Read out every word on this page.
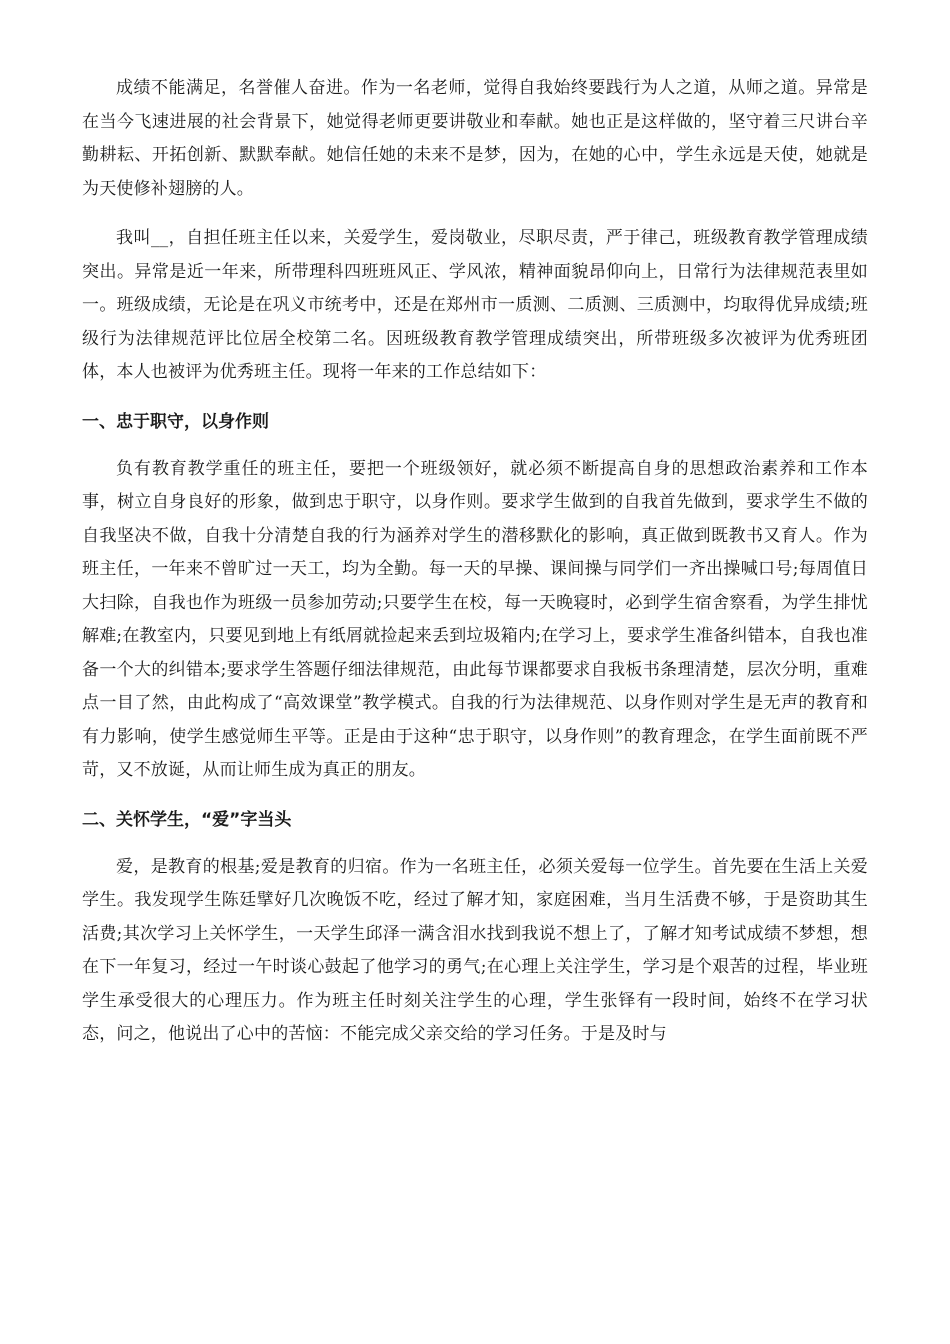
成绩不能满足，名誉催人奋进。作为一名老师，觉得自我始终要践行为人之道，从师之道。异常是在当今飞速进展的社会背景下，她觉得老师更要讲敬业和奉献。她也正是这样做的，坚守着三尺讲台辛勤耕耘、开拓创新、默默奉献。她信任她的未来不是梦，因为，在她的心中，学生永远是天使，她就是为天使修补翅膀的人。

我叫__，自担任班主任以来，关爱学生，爱岗敬业，尽职尽责，严于律己，班级教育教学管理成绩突出。异常是近一年来，所带理科四班班风正、学风浓，精神面貌昂仰向上，日常行为法律规范表里如一。班级成绩，无论是在巩义市统考中，还是在郑州市一质测、二质测、三质测中，均取得优异成绩;班级行为法律规范评比位居全校第二名。因班级教育教学管理成绩突出，所带班级多次被评为优秀班团体，本人也被评为优秀班主任。现将一年来的工作总结如下：

一、忠于职守，以身作则

负有教育教学重任的班主任，要把一个班级领好，就必须不断提高自身的思想政治素养和工作本事，树立自身良好的形象，做到忠于职守，以身作则。要求学生做到的自我首先做到，要求学生不做的自我坚决不做，自我十分清楚自我的行为涵养对学生的潜移默化的影响，真正做到既教书又育人。作为班主任，一年来不曾旷过一天工，均为全勤。每一天的早操、课间操与同学们一齐出操喊口号;每周值日大扫除，自我也作为班级一员参加劳动;只要学生在校，每一天晚寝时，必到学生宿舍察看，为学生排忧解难;在教室内，只要见到地上有纸屑就捡起来丢到垃圾箱内;在学习上，要求学生准备纠错本，自我也准备一个大的纠错本;要求学生答题仔细法律规范，由此每节课都要求自我板书条理清楚，层次分明，重难点一目了然，由此构成了“高效课堂”教学模式。自我的行为法律规范、以身作则对学生是无声的教育和有力影响，使学生感觉师生平等。正是由于这种“忠于职守，以身作则”的教育理念，在学生面前既不严苛，又不放诞，从而让师生成为真正的朋友。

二、关怀学生，“爱”字当头

爱，是教育的根基;爱是教育的归宿。作为一名班主任，必须关爱每一位学生。首先要在生活上关爱学生。我发现学生陈廷擘好几次晚饭不吃，经过了解才知，家庭困难，当月生活费不够，于是资助其生活费;其次学习上关怀学生，一天学生邱泽一满含泪水找到我说不想上了，了解才知考试成绩不梦想，想在下一年复习，经过一午时谈心鼓起了他学习的勇气;在心理上关注学生，学习是个艰苦的过程，毕业班学生承受很大的心理压力。作为班主任时刻关注学生的心理，学生张铎有一段时间，始终不在学习状态，问之，他说出了心中的苦恼：不能完成父亲交给的学习任务。于是及时与
